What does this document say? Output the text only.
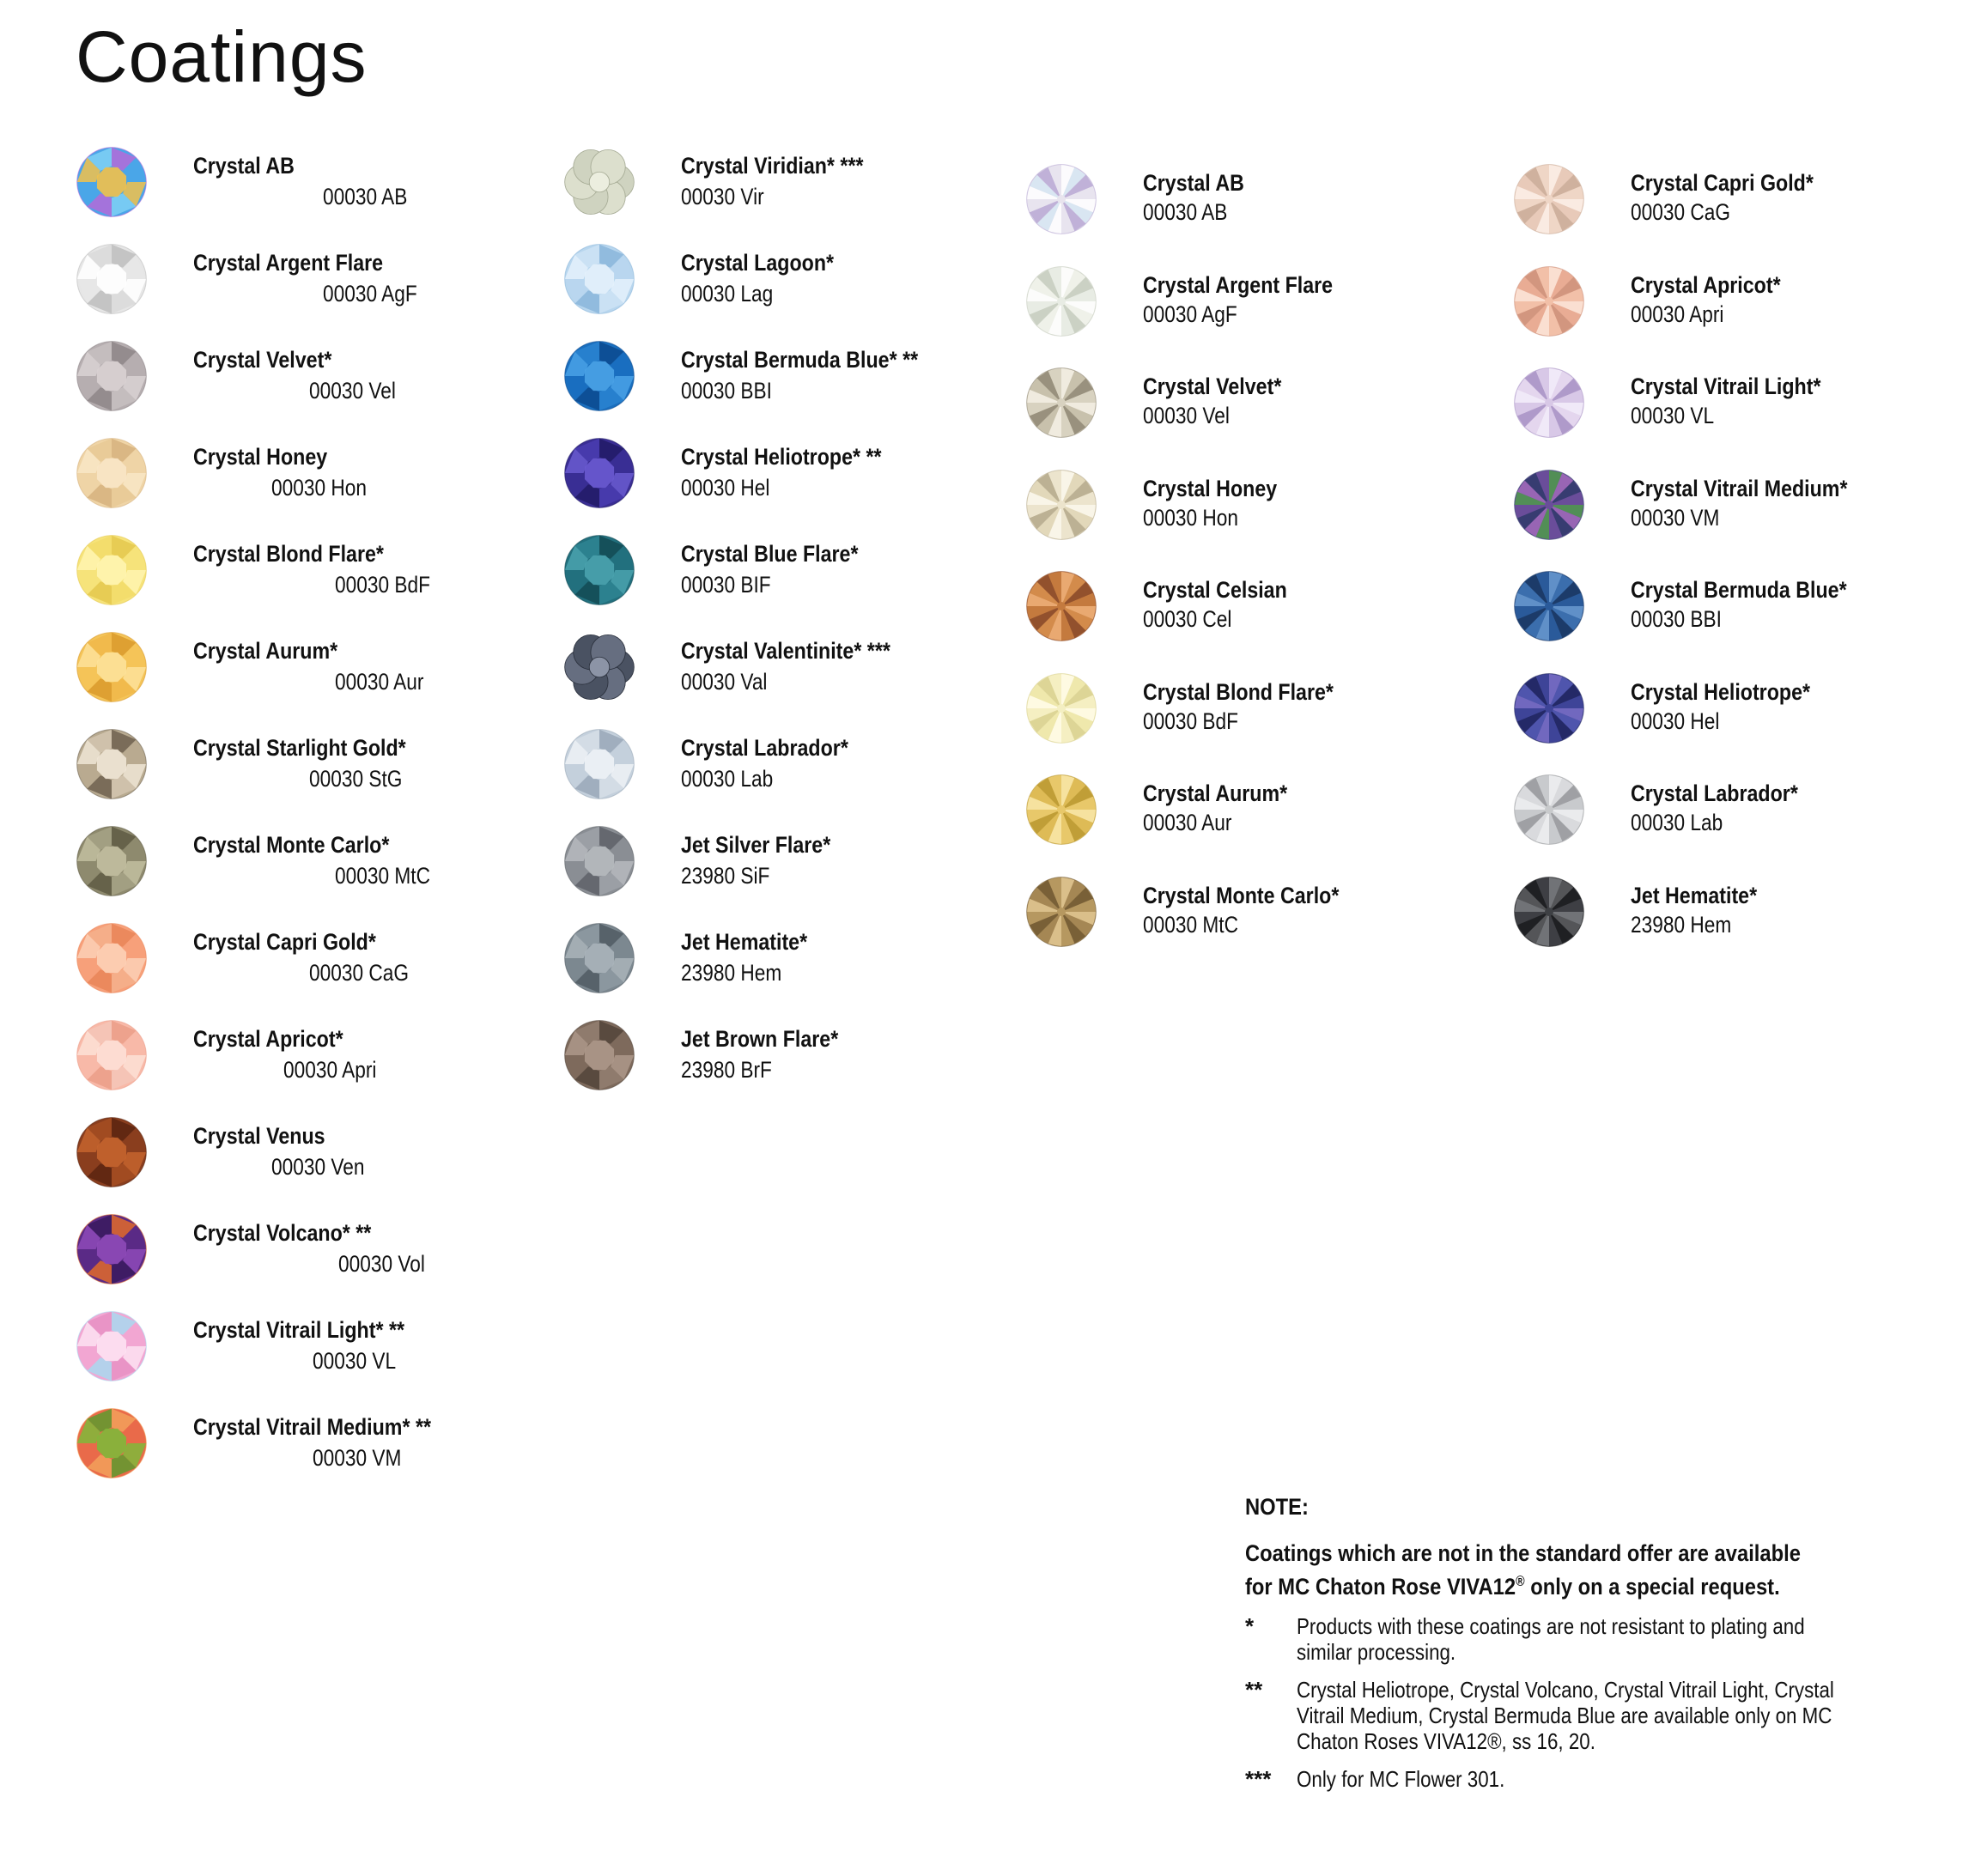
Coatings
Crystal AB
00030 AB
Crystal Argent Flare
00030 AgF
Crystal Velvet*
00030 Vel
Crystal Honey
00030 Hon
Crystal Blond Flare*
00030 BdF
Crystal Aurum*
00030 Aur
Crystal Starlight Gold*
00030 StG
Crystal Monte Carlo*
00030 MtC
Crystal Capri Gold*
00030 CaG
Crystal Apricot*
00030 Apri
Crystal Venus
00030 Ven
Crystal Volcano* **
00030 Vol
Crystal Vitrail Light* **
00030 VL
Crystal Vitrail Medium* **
00030 VM
Crystal Viridian* ***
00030 Vir
Crystal Lagoon*
00030 Lag
Crystal Bermuda Blue* **
00030 BBI
Crystal Heliotrope* **
00030 Hel
Crystal Blue Flare*
00030 BIF
Crystal Valentinite* ***
00030 Val
Crystal Labrador*
00030 Lab
Jet Silver Flare*
23980 SiF
Jet Hematite*
23980 Hem
Jet Brown Flare*
23980 BrF
Crystal AB
00030 AB
Crystal Argent Flare
00030 AgF
Crystal Velvet*
00030 Vel
Crystal Honey
00030 Hon
Crystal Celsian
00030 Cel
Crystal Blond Flare*
00030 BdF
Crystal Aurum*
00030 Aur
Crystal Monte Carlo*
00030 MtC
Crystal Capri Gold*
00030 CaG
Crystal Apricot*
00030 Apri
Crystal Vitrail Light*
00030 VL
Crystal Vitrail Medium*
00030 VM
Crystal Bermuda Blue*
00030 BBI
Crystal Heliotrope*
00030 Hel
Crystal Labrador*
00030 Lab
Jet Hematite*
23980 Hem
NOTE:
Coatings which are not in the standard offer are available
for MC Chaton Rose VIVA12® only on a special request.
* Products with these coatings are not resistant to plating and similar processing.
** Crystal Heliotrope, Crystal Volcano, Crystal Vitrail Light, Crystal Vitrail Medium, Crystal Bermuda Blue are available only on MC Chaton Roses VIVA12®, ss 16, 20.
*** Only for MC Flower 301.
